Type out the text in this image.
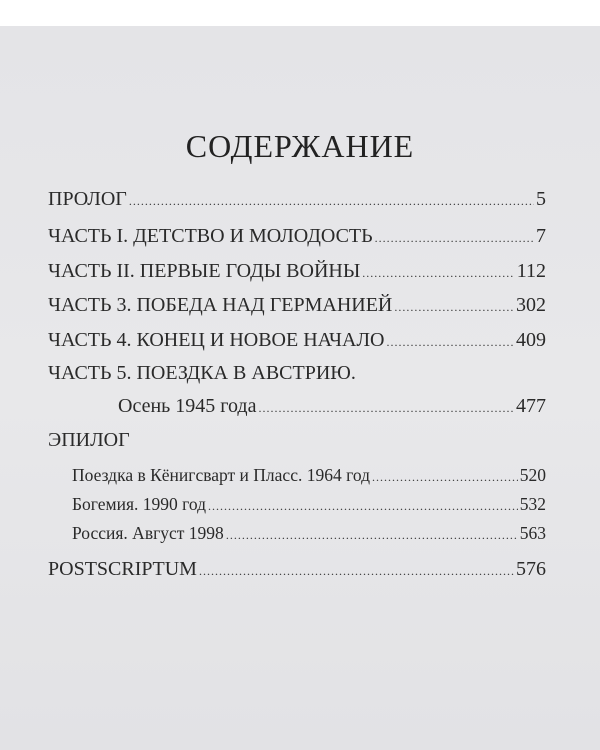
СОДЕРЖАНИЕ
ПРОЛОГ .....	5
ЧАСТЬ I. ДЕТСТВО И МОЛОДОСТЬ .....	7
ЧАСТЬ II. ПЕРВЫЕ ГОДЫ ВОЙНЫ .....	112
ЧАСТЬ 3. ПОБЕДА НАД ГЕРМАНИЕЙ .....	302
ЧАСТЬ 4. КОНЕЦ И НОВОЕ НАЧАЛО .....	409
ЧАСТЬ 5. ПОЕЗДКА В АВСТРИЮ.
Осень 1945 года .....	477
ЭПИЛОГ
Поездка в Кёнигсварт и Пласс. 1964 год .....	520
Богемия. 1990 год .....	532
Россия. Август 1998 .....	563
POSTSCRIPTUM .....	576
